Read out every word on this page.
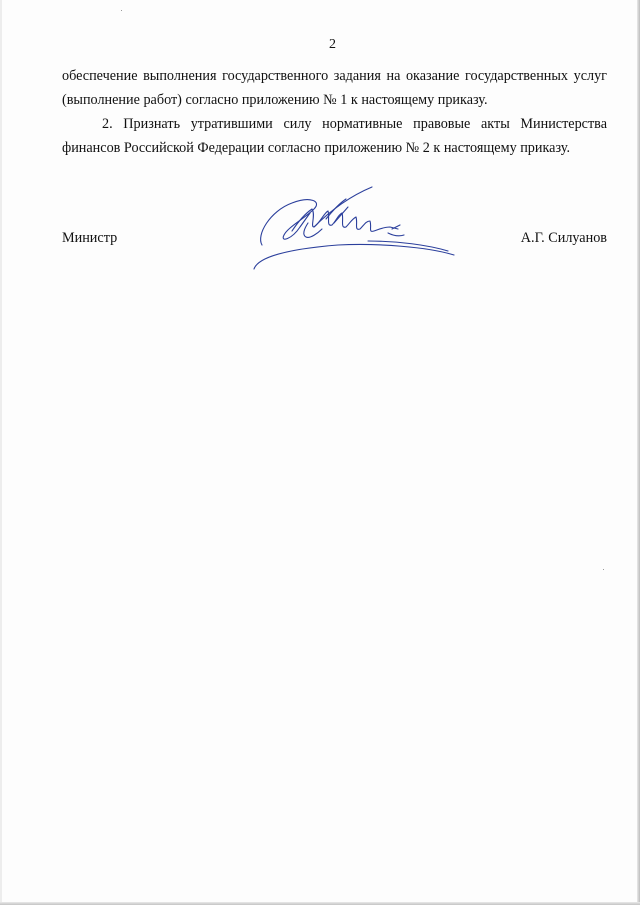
2

обеспечение выполнения государственного задания на оказание государственных услуг (выполнение работ) согласно приложению № 1 к настоящему приказу.

2. Признать утратившими силу нормативные правовые акты Министерства финансов Российской Федерации согласно приложению № 2 к настоящему приказу.

Министр	А.Г. Силуанов
